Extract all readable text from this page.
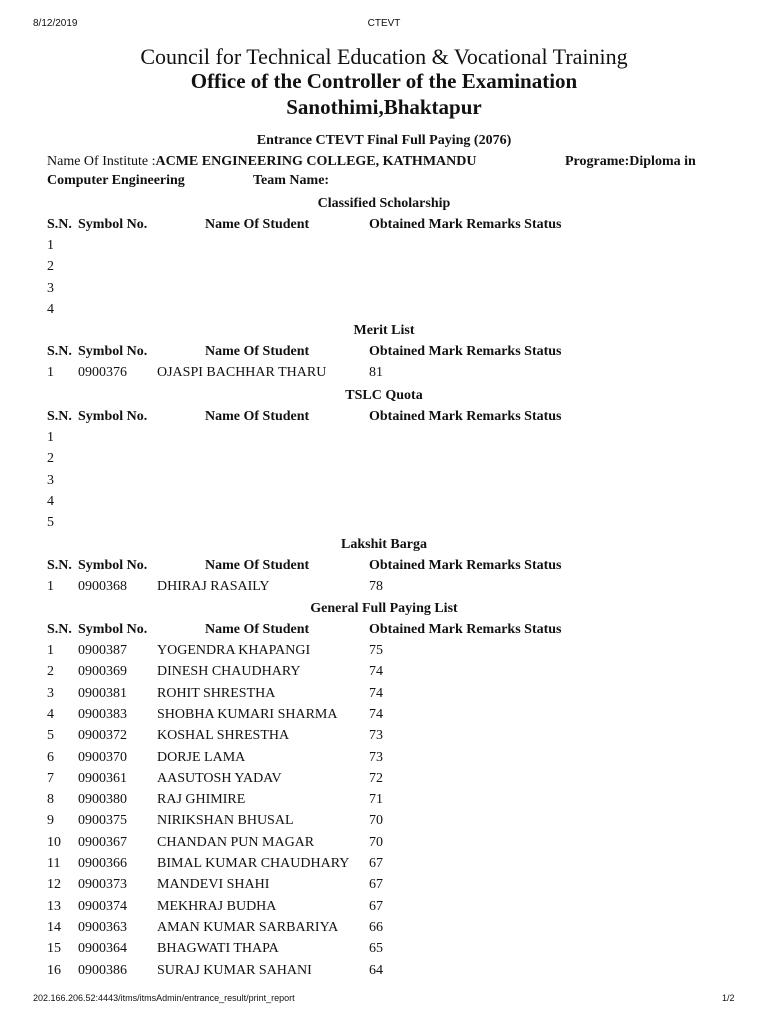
8/12/2019	CTEVT
202.166.206.52:4443/itms/itmsAdmin/entrance_result/print_report	1/2
Council for Technical Education & Vocational Training
Office of the Controller of the Examination
Sanothimi,Bhaktapur
Entrance CTEVT Final Full Paying (2076)
Name Of Institute :ACME ENGINEERING COLLEGE, KATHMANDU	Programe:Diploma in
Computer Engineering	Team Name:
Classified Scholarship
S.N. Symbol No.	Name Of Student	Obtained Mark Remarks Status
1
2
3
4
Merit List
S.N. Symbol No.	Name Of Student	Obtained Mark Remarks Status
1 0900376 OJASPI BACHHAR THARU	81
TSLC Quota
S.N. Symbol No.	Name Of Student	Obtained Mark Remarks Status
1
2
3
4
5
Lakshit Barga
S.N. Symbol No.	Name Of Student	Obtained Mark Remarks Status
1 0900368 DHIRAJ RASAILY	78
General Full Paying List
S.N. Symbol No.	Name Of Student	Obtained Mark Remarks Status
1 0900387 YOGENDRA KHAPANGI	75
2 0900369 DINESH CHAUDHARY	74
3 0900381 ROHIT SHRESTHA	74
4 0900383 SHOBHA KUMARI SHARMA 74
5 0900372 KOSHAL SHRESTHA	73
6 0900370 DORJE LAMA	73
7 0900361 AASUTOSH YADAV	72
8 0900380 RAJ GHIMIRE	71
9 0900375 NIRIKSHAN BHUSAL	70
10 0900367 CHANDAN PUN MAGAR	70
11 0900366 BIMAL KUMAR CHAUDHARY 67
12 0900373 MANDEVI SHAHI	67
13 0900374 MEKHRAJ BUDHA	67
14 0900363 AMAN KUMAR SARBARIYA 66
15 0900364 BHAGWATI THAPA	65
16 0900386 SURAJ KUMAR SAHANI	64
